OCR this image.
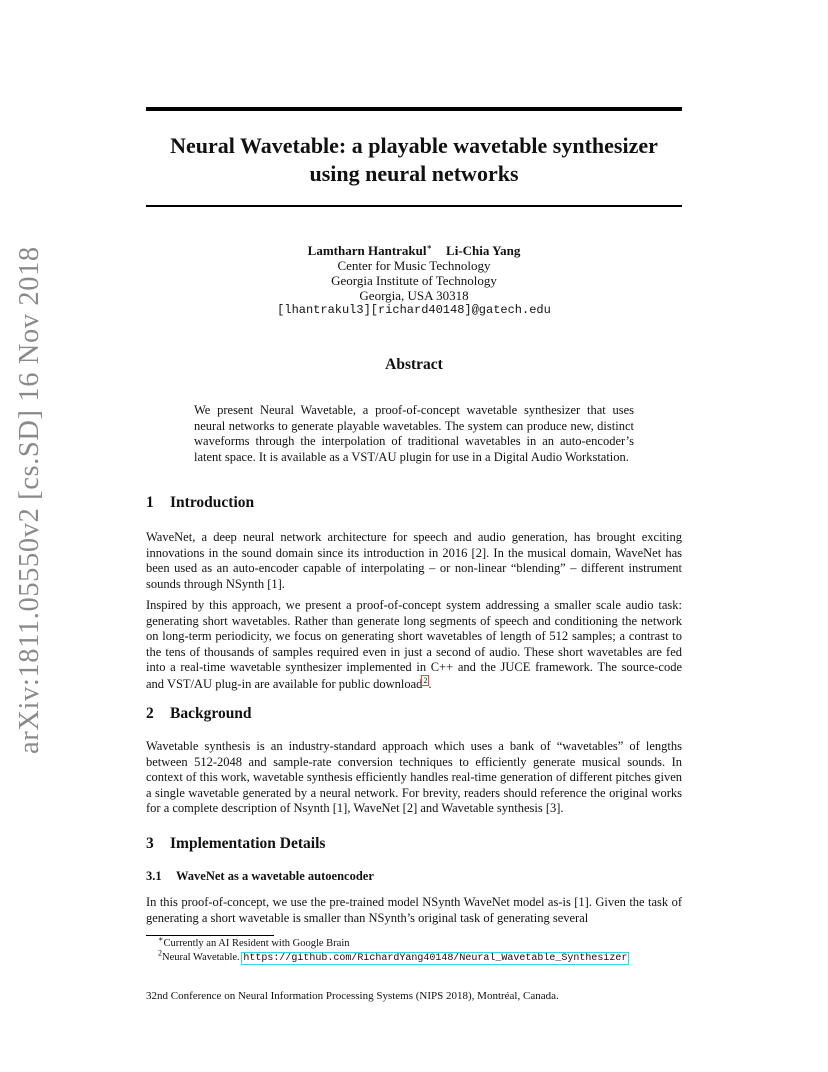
arXiv:1811.05550v2 [cs.SD] 16 Nov 2018
Neural Wavetable: a playable wavetable synthesizer
using neural networks
Lamtharn Hantrakul∗ Li-Chia Yang
Center for Music Technology
Georgia Institute of Technology
Georgia, USA 30318
[lhantrakul3][richard40148]@gatech.edu
Abstract
We present Neural Wavetable, a proof-of-concept wavetable synthesizer that uses neural networks to generate playable wavetables. The system can produce new, distinct waveforms through the interpolation of traditional wavetables in an auto-encoder’s latent space. It is available as a VST/AU plugin for use in a Digital Audio Workstation.
1 Introduction
WaveNet, a deep neural network architecture for speech and audio generation, has brought exciting innovations in the sound domain since its introduction in 2016 [2]. In the musical domain, WaveNet has been used as an auto-encoder capable of interpolating – or non-linear “blending” – different instrument sounds through NSynth [1].
Inspired by this approach, we present a proof-of-concept system addressing a smaller scale audio task: generating short wavetables. Rather than generate long segments of speech and conditioning the network on long-term periodicity, we focus on generating short wavetables of length of 512 samples; a contrast to the tens of thousands of samples required even in just a second of audio. These short wavetables are fed into a real-time wavetable synthesizer implemented in C++ and the JUCE framework. The source-code and VST/AU plug-in are available for public download2.
2 Background
Wavetable synthesis is an industry-standard approach which uses a bank of “wavetables” of lengths between 512-2048 and sample-rate conversion techniques to efficiently generate musical sounds. In context of this work, wavetable synthesis efficiently handles real-time generation of different pitches given a single wavetable generated by a neural network. For brevity, readers should reference the original works for a complete description of Nsynth [1], WaveNet [2] and Wavetable synthesis [3].
3 Implementation Details
3.1 WaveNet as a wavetable autoencoder
In this proof-of-concept, we use the pre-trained model NSynth WaveNet model as-is [1]. Given the task of generating a short wavetable is smaller than NSynth’s original task of generating several
∗Currently an AI Resident with Google Brain
$^2$Neural Wavetable. https://github.com/RichardYang40148/Neural_Wavetable_Synthesizer
32nd Conference on Neural Information Processing Systems (NIPS 2018), Montréal, Canada.
